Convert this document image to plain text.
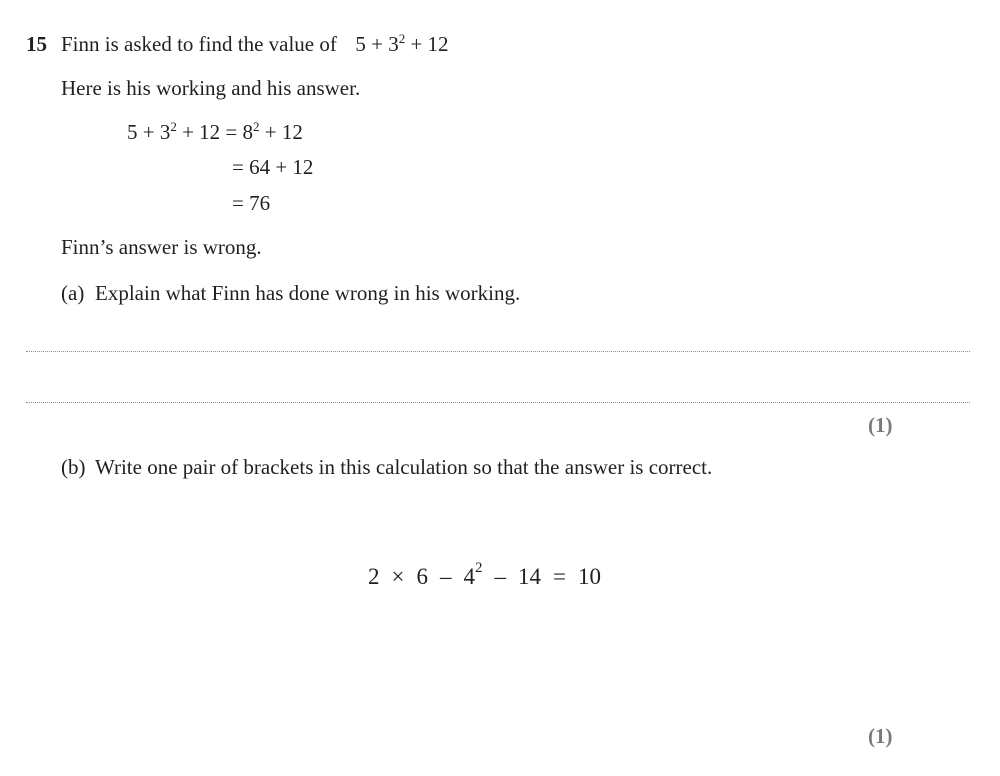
15 Finn is asked to find the value of $5 + 3^2 + 12$
Here is his working and his answer.
$5 + 3^2 + 12 = 8^2 + 12$
= 64 + 12
= 76
Finn’s answer is wrong.
(a) Explain what Finn has done wrong in his working.
(1)
(b) Write one pair of brackets in this calculation so that the answer is correct.
$2 \times 6 - 4^2 - 14 = 10$
(1)
